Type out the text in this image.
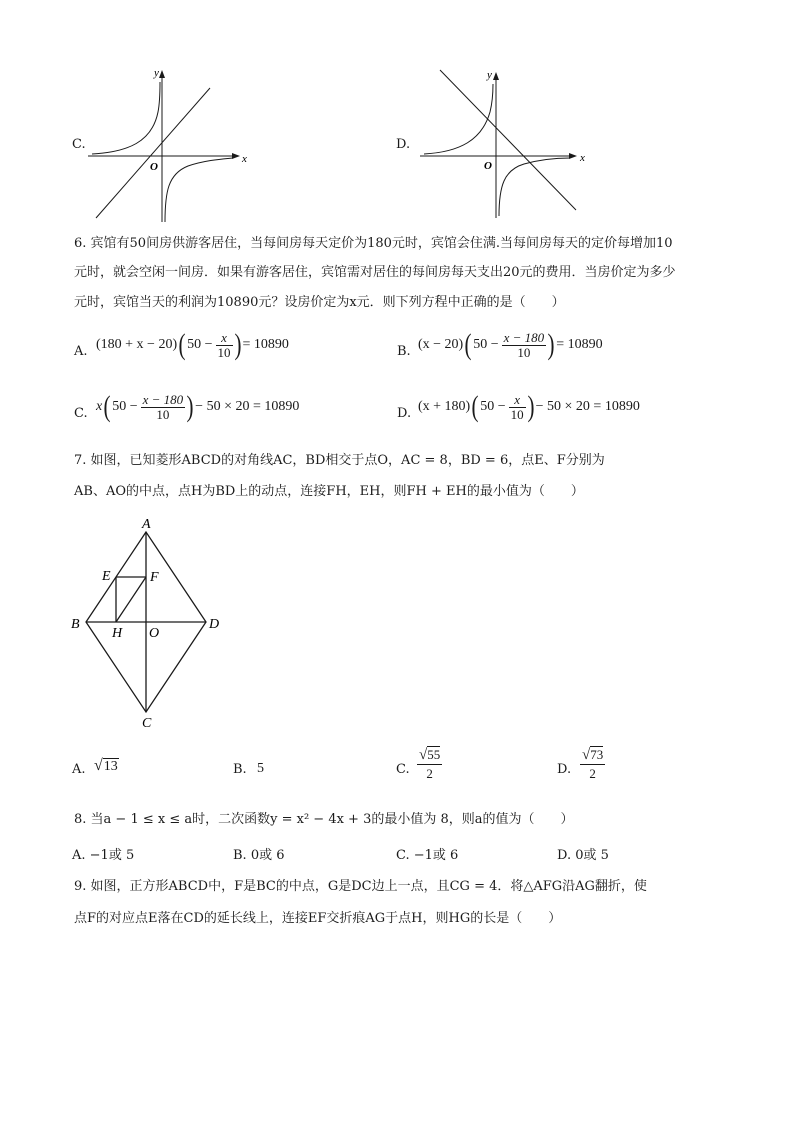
C.
y
x
O
D.
y
x
O
6. 宾馆有50间房供游客居住，当每间房每天定价为180元时，宾馆会住满.当每间房每天的定价每增加10
元时，就会空闲一间房．如果有游客居住，宾馆需对居住的每间房每天支出20元的费用．当房价定为多少
元时，宾馆当天的利润为10890元？设房价定为x元．则下列方程中正确的是（　　）
A. (180 + x − 20) ( $50 - \frac{x}{10}$ ) = 10890	B. (x − 20) ( $50 - \frac{x - 180}{10}$ ) = 10890
C. x ( $50 - \frac{x - 180}{10}$ ) − 50 × 20 = 10890	D. (x + 180) ( $50 - \frac{x}{10}$ ) − 50 × 20 = 10890
7. 如图，已知菱形ABCD的对角线AC，BD相交于点O，AC = 8，BD = 6，点E、F分别为
AB、AO的中点，点H为BD上的动点，连接FH，EH，则FH + EH的最小值为（　　）
A
B
C
D
E	F
H O
A. √13	B. 5	C.
√55
2	D.
√73
2
8. 当a − 1 ≤ x ≤ a时，二次函数y = x² − 4x + 3的最小值为 8，则a的值为（　　）
A. −1或 5	B. 0或 6	C. −1或 6	D. 0或 5
9. 如图，正方形ABCD中，F是BC的中点，G是DC边上一点，且CG = 4．将△AFG沿AG翻折，使
点F的对应点E落在CD的延长线上，连接EF交折痕AG于点H，则HG的长是（　　）
